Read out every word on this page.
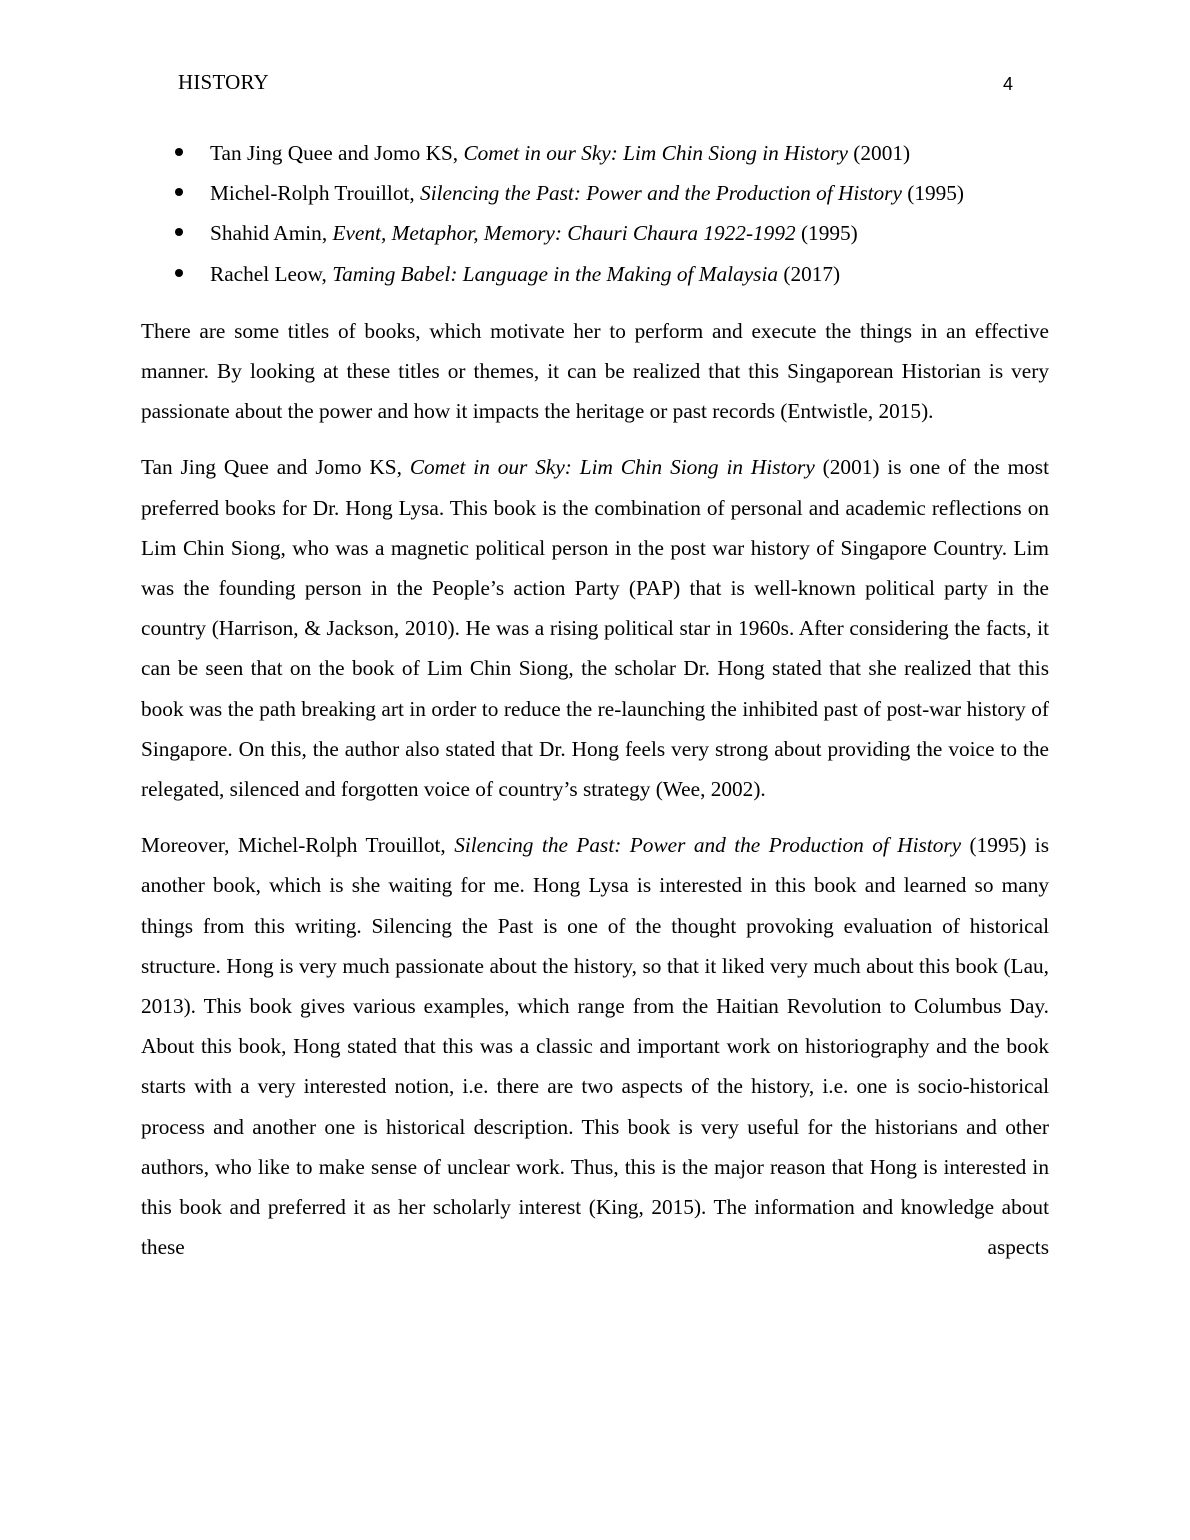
HISTORY	4
Tan Jing Quee and Jomo KS, Comet in our Sky: Lim Chin Siong in History (2001)
Michel-Rolph Trouillot, Silencing the Past: Power and the Production of History (1995)
Shahid Amin, Event, Metaphor, Memory: Chauri Chaura 1922-1992 (1995)
Rachel Leow, Taming Babel: Language in the Making of Malaysia (2017)

There are some titles of books, which motivate her to perform and execute the things in an effective manner. By looking at these titles or themes, it can be realized that this Singaporean Historian is very passionate about the power and how it impacts the heritage or past records (Entwistle, 2015).

Tan Jing Quee and Jomo KS, Comet in our Sky: Lim Chin Siong in History (2001) is one of the most preferred books for Dr. Hong Lysa. This book is the combination of personal and academic reflections on Lim Chin Siong, who was a magnetic political person in the post war history of Singapore Country. Lim was the founding person in the People’s action Party (PAP) that is well-known political party in the country (Harrison, & Jackson, 2010). He was a rising political star in 1960s. After considering the facts, it can be seen that on the book of Lim Chin Siong, the scholar Dr. Hong stated that she realized that this book was the path breaking art in order to reduce the re-launching the inhibited past of post-war history of Singapore. On this, the author also stated that Dr. Hong feels very strong about providing the voice to the relegated, silenced and forgotten voice of country’s strategy (Wee, 2002).

Moreover, Michel-Rolph Trouillot, Silencing the Past: Power and the Production of History (1995) is another book, which is she waiting for me. Hong Lysa is interested in this book and learned so many things from this writing. Silencing the Past is one of the thought provoking evaluation of historical structure. Hong is very much passionate about the history, so that it liked very much about this book (Lau, 2013). This book gives various examples, which range from the Haitian Revolution to Columbus Day. About this book, Hong stated that this was a classic and important work on historiography and the book starts with a very interested notion, i.e. there are two aspects of the history, i.e. one is socio-historical process and another one is historical description. This book is very useful for the historians and other authors, who like to make sense of unclear work. Thus, this is the major reason that Hong is interested in this book and preferred it as her scholarly interest (King, 2015). The information and knowledge about these aspects
